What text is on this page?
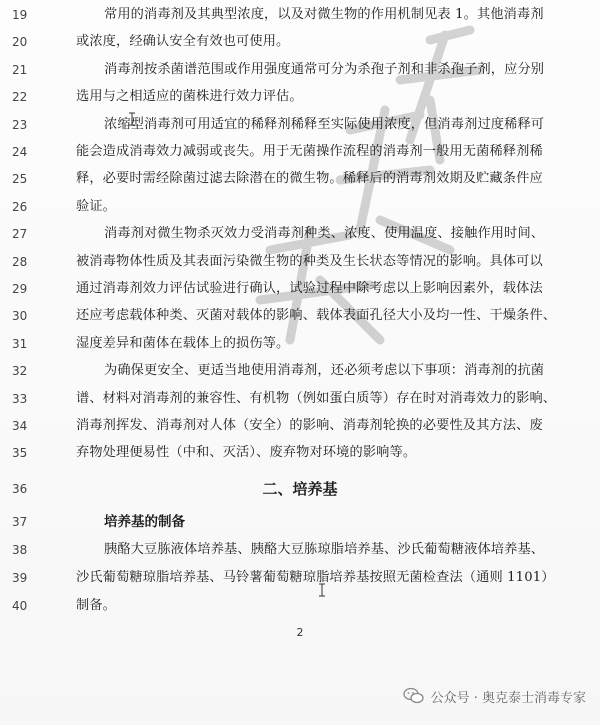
19	常用的消毒剂及其典型浓度，以及对微生物的作用机制见表 1。其他消毒剂
20	或浓度，经确认安全有效也可使用。
21	消毒剂按杀菌谱范围或作用强度通常可分为杀孢子剂和非杀孢子剂，应分别
22	选用与之相适应的菌株进行效力评估。
23	浓缩型消毒剂可用适宜的稀释剂稀释至实际使用浓度，但消毒剂过度稀释可
24	能会造成消毒效力减弱或丧失。用于无菌操作流程的消毒剂一般用无菌稀释剂稀
25	释，必要时需经除菌过滤去除潜在的微生物。稀释后的消毒剂效期及贮藏条件应
26	验证。
27	消毒剂对微生物杀灭效力受消毒剂种类、浓度、使用温度、接触作用时间、
28	被消毒物体性质及其表面污染微生物的种类及生长状态等情况的影响。具体可以
29	通过消毒剂效力评估试验进行确认，试验过程中除考虑以上影响因素外，载体法
30	还应考虑载体种类、灭菌对载体的影响、载体表面孔径大小及均一性、干燥条件、
31	湿度差异和菌体在载体上的损伤等。
32	为确保更安全、更适当地使用消毒剂，还必须考虑以下事项：消毒剂的抗菌
33	谱、材料对消毒剂的兼容性、有机物（例如蛋白质等）存在时对消毒效力的影响、
34	消毒剂挥发、消毒剂对人体（安全）的影响、消毒剂轮换的必要性及其方法、废
35	弃物处理便易性（中和、灭活）、废弃物对环境的影响等。
36	二、培养基
37	培养基的制备
38	胰酪大豆胨液体培养基、胰酪大豆胨琼脂培养基、沙氏葡萄糖液体培养基、
39	沙氏葡萄糖琼脂培养基、马铃薯葡萄糖琼脂培养基按照无菌检查法（通则 1101）
40	制备。
2
公众号 · 奥克泰士消毒专家
